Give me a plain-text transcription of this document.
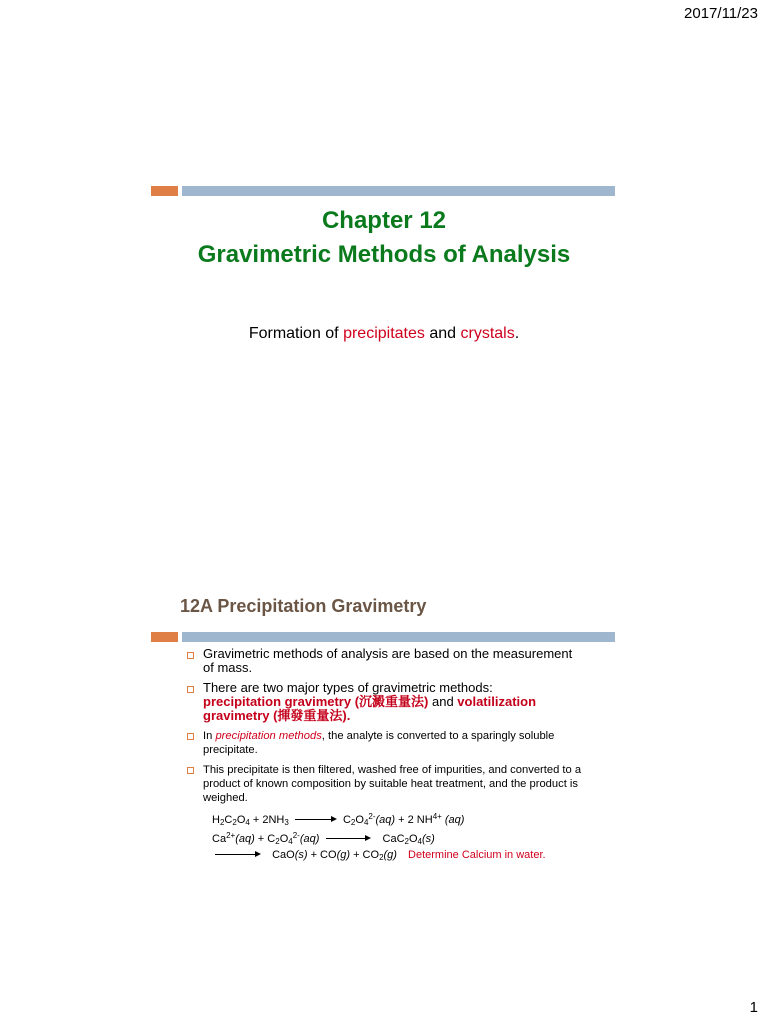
2017/11/23
1
Chapter 12
Gravimetric Methods of Analysis
Formation of precipitates and crystals.
12A Precipitation Gravimetry
Gravimetric methods of analysis are based on the measurement of mass.
There are two major types of gravimetric methods:
precipitation gravimetry (沉澱重量法) and volatilization gravimetry (揮發重量法).
In precipitation methods, the analyte is converted to a sparingly soluble precipitate.
This precipitate is then filtered, washed free of impurities, and converted to a product of known composition by suitable heat treatment, and the product is weighed.
$H_2C_2O_4 + 2NH_3$	$C_2O_4^{2-}(aq) + 2$ $NH^{4+}$ (aq)
$Ca^{2+}(aq) + C_2O_4^{2-}(aq)$	$CaC_2O_4(s)$
$CaO(s) + CO(g) + CO_2(g)$ Determine Calcium in water.
